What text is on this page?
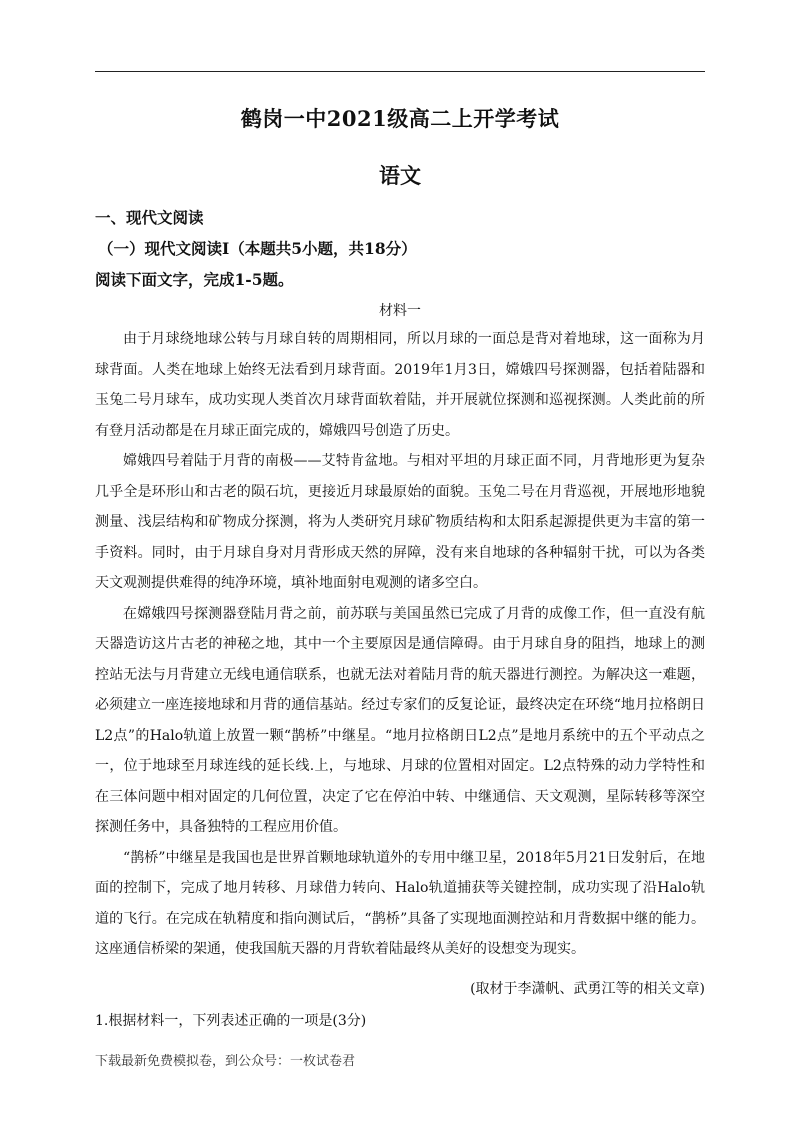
鹤岗一中2021级高二上开学考试
语文
一、现代文阅读
（一）现代文阅读I（本题共5小题，共18分）
阅读下面文字，完成1-5题。
材料一

由于月球绕地球公转与月球自转的周期相同，所以月球的一面总是背对着地球，这一面称为月球背面。人类在地球上始终无法看到月球背面。2019年1月3日，嫦娥四号探测器，包括着陆器和玉兔二号月球车，成功实现人类首次月球背面软着陆，并开展就位探测和巡视探测。人类此前的所有登月活动都是在月球正面完成的，嫦娥四号创造了历史。

嫦娥四号着陆于月背的南极——艾特肯盆地。与相对平坦的月球正面不同，月背地形更为复杂几乎全是环形山和古老的陨石坑，更接近月球最原始的面貌。玉兔二号在月背巡视，开展地形地貌测量、浅层结构和矿物成分探测，将为人类研究月球矿物质结构和太阳系起源提供更为丰富的第一手资料。同时，由于月球自身对月背形成天然的屏障，没有来自地球的各种辐射干扰，可以为各类天文观测提供难得的纯净环境，填补地面射电观测的诸多空白。

在嫦娥四号探测器登陆月背之前，前苏联与美国虽然已完成了月背的成像工作，但一直没有航天器造访这片古老的神秘之地，其中一个主要原因是通信障碍。由于月球自身的阻挡，地球上的测控站无法与月背建立无线电通信联系，也就无法对着陆月背的航天器进行测控。为解决这一难题，必须建立一座连接地球和月背的通信基站。经过专家们的反复论证，最终决定在环绕“地月拉格朗日L2点”的Halo轨道上放置一颗“鹊桥”中继星。“地月拉格朗日L2点”是地月系统中的五个平动点之一，位于地球至月球连线的延长线.上，与地球、月球的位置相对固定。L2点特殊的动力学特性和在三体问题中相对固定的几何位置，决定了它在停泊中转、中继通信、天文观测，星际转移等深空探测任务中，具备独特的工程应用价值。

“鹊桥”中继星是我国也是世界首颗地球轨道外的专用中继卫星，2018年5月21日发射后，在地面的控制下，完成了地月转移、月球借力转向、Halo轨道捕获等关键控制，成功实现了沿Halo轨道的飞行。在完成在轨精度和指向测试后，“鹊桥”具备了实现地面测控站和月背数据中继的能力。这座通信桥梁的架通，使我国航天器的月背软着陆最终从美好的设想变为现实。

(取材于李潇帆、武勇江等的相关文章)
1.根据材料一，下列表述正确的一项是(3分)
下载最新免费模拟卷，到公众号：一枚试卷君
